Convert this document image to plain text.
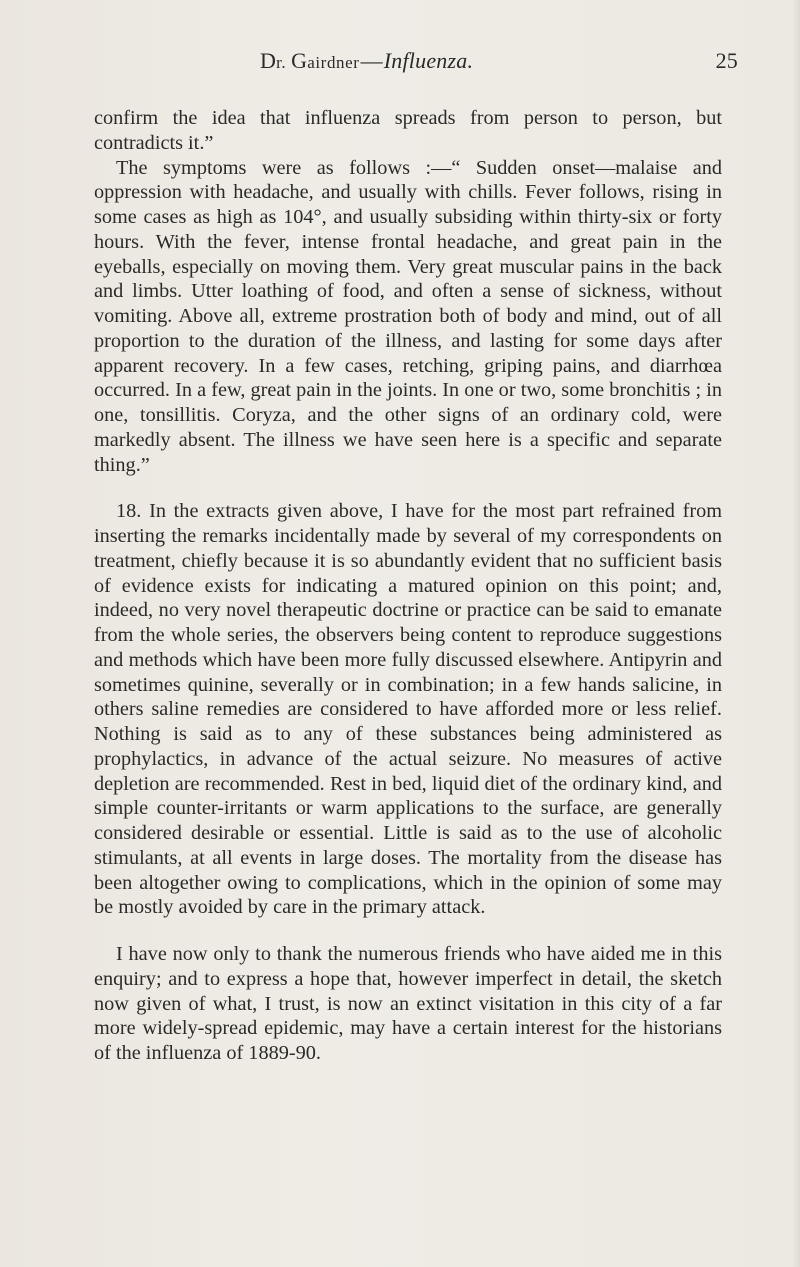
Dr. Gairdner—Influenza.	25

confirm the idea that influenza spreads from person to person, but contradicts it.”

The symptoms were as follows :—“ Sudden onset—malaise and oppression with headache, and usually with chills. Fever follows, rising in some cases as high as 104°, and usually subsiding within thirty-six or forty hours. With the fever, intense frontal headache, and great pain in the eyeballs, especially on moving them. Very great muscular pains in the back and limbs. Utter loathing of food, and often a sense of sickness, without vomiting. Above all, extreme prostration both of body and mind, out of all proportion to the duration of the illness, and lasting for some days after apparent recovery. In a few cases, retching, griping pains, and diarrhœa occurred. In a few, great pain in the joints. In one or two, some bronchitis ; in one, tonsillitis. Coryza, and the other signs of an ordinary cold, were markedly absent. The illness we have seen here is a specific and separate thing.”

18. In the extracts given above, I have for the most part refrained from inserting the remarks incidentally made by several of my correspondents on treatment, chiefly because it is so abundantly evident that no sufficient basis of evidence exists for indicating a matured opinion on this point; and, indeed, no very novel therapeutic doctrine or practice can be said to emanate from the whole series, the observers being content to reproduce suggestions and methods which have been more fully discussed elsewhere. Antipyrin and sometimes quinine, severally or in combination; in a few hands salicine, in others saline remedies are considered to have afforded more or less relief. Nothing is said as to any of these substances being administered as prophylactics, in advance of the actual seizure. No measures of active depletion are recommended. Rest in bed, liquid diet of the ordinary kind, and simple counter-irritants or warm applications to the surface, are generally considered desirable or essential. Little is said as to the use of alcoholic stimulants, at all events in large doses. The mortality from the disease has been altogether owing to complications, which in the opinion of some may be mostly avoided by care in the primary attack.

I have now only to thank the numerous friends who have aided me in this enquiry; and to express a hope that, however imperfect in detail, the sketch now given of what, I trust, is now an extinct visitation in this city of a far more widely-spread epidemic, may have a certain interest for the historians of the influenza of 1889-90.
